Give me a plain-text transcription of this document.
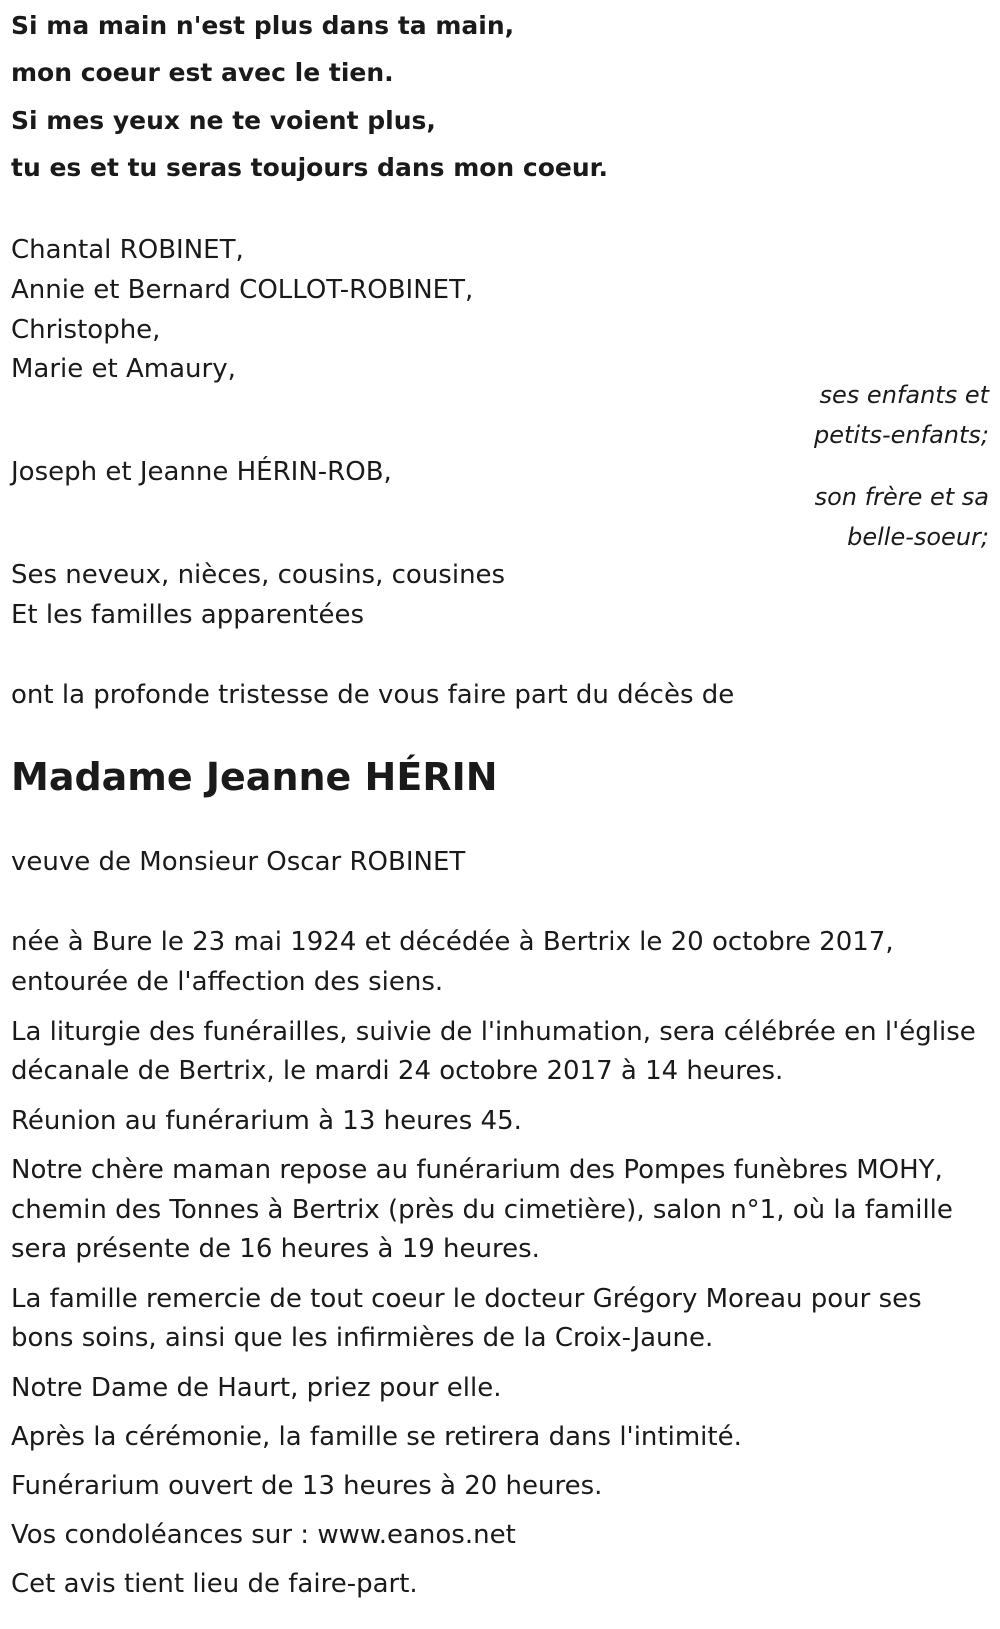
Si ma main n'est plus dans ta main,
mon coeur est avec le tien.
Si mes yeux ne te voient plus,
tu es et tu seras toujours dans mon coeur.
Chantal ROBINET,
Annie et Bernard COLLOT-ROBINET,
Christophe,
Marie et Amaury,
ses enfants et
petits-enfants;
Joseph et Jeanne HÉRIN-ROB,
son frère et sa
belle-soeur;
Ses neveux, nièces, cousins, cousines
Et les familles apparentées
ont la profonde tristesse de vous faire part du décès de
Madame Jeanne HÉRIN
veuve de Monsieur Oscar ROBINET
née à Bure le 23 mai 1924 et décédée à Bertrix le 20 octobre 2017,
entourée de l'affection des siens.
La liturgie des funérailles, suivie de l'inhumation, sera célébrée en l'église
décanale de Bertrix, le mardi 24 octobre 2017 à 14 heures.
Réunion au funérarium à 13 heures 45.
Notre chère maman repose au funérarium des Pompes funèbres MOHY,
chemin des Tonnes à Bertrix (près du cimetière), salon n°1, où la famille
sera présente de 16 heures à 19 heures.
La famille remercie de tout coeur le docteur Grégory Moreau pour ses
bons soins, ainsi que les infirmières de la Croix-Jaune.
Notre Dame de Haurt, priez pour elle.
Après la cérémonie, la famille se retirera dans l'intimité.
Funérarium ouvert de 13 heures à 20 heures.
Vos condoléances sur : www.eanos.net
Cet avis tient lieu de faire-part.
